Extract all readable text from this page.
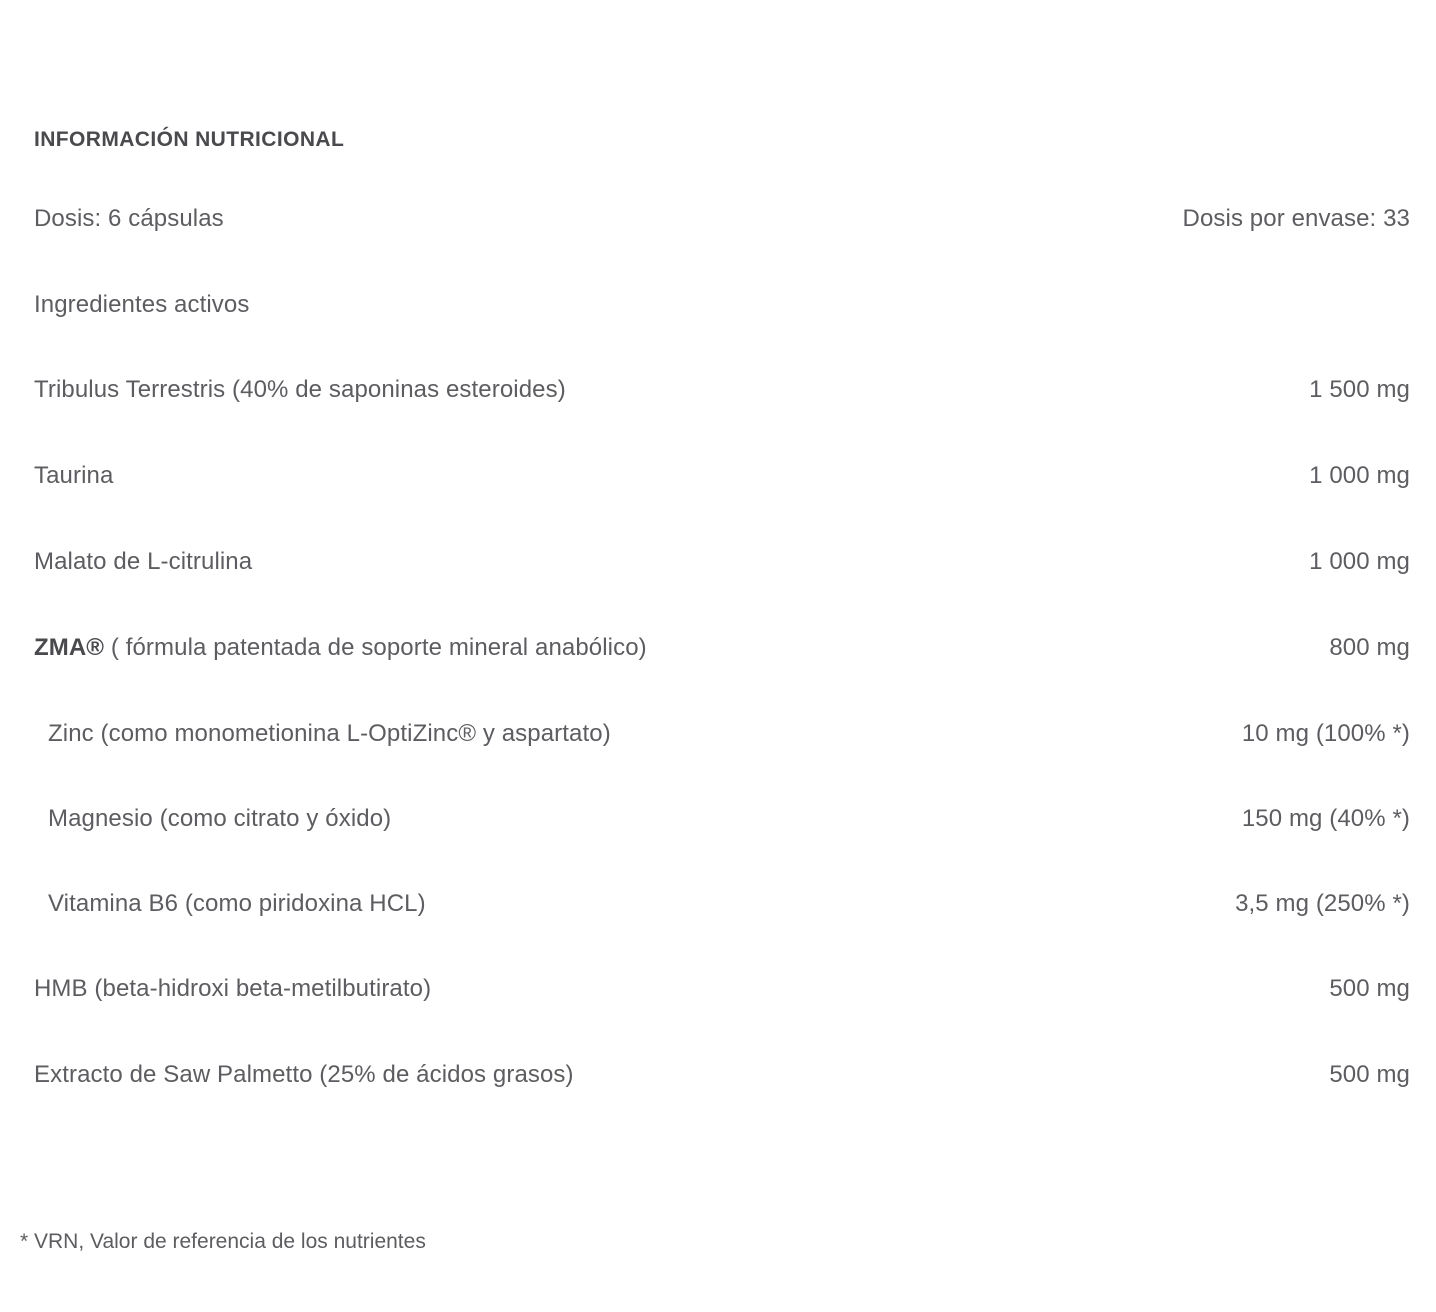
INFORMACIÓN NUTRICIONAL
Dosis: 6 cápsulas	Dosis por envase: 33
Ingredientes activos
Tribulus Terrestris (40% de saponinas esteroides)	1 500 mg
Taurina	1 000 mg
Malato de L-citrulina	1 000 mg
ZMA® ( fórmula patentada de soporte mineral anabólico)	800 mg
Zinc (como monometionina L-OptiZinc® y aspartato)	10 mg (100% *)
Magnesio (como citrato y óxido)	150 mg (40% *)
Vitamina B6 (como piridoxina HCL)	3,5 mg (250% *)
HMB (beta-hidroxi beta-metilbutirato)	500 mg
Extracto de Saw Palmetto (25% de ácidos grasos)	500 mg
* VRN, Valor de referencia de los nutrientes
